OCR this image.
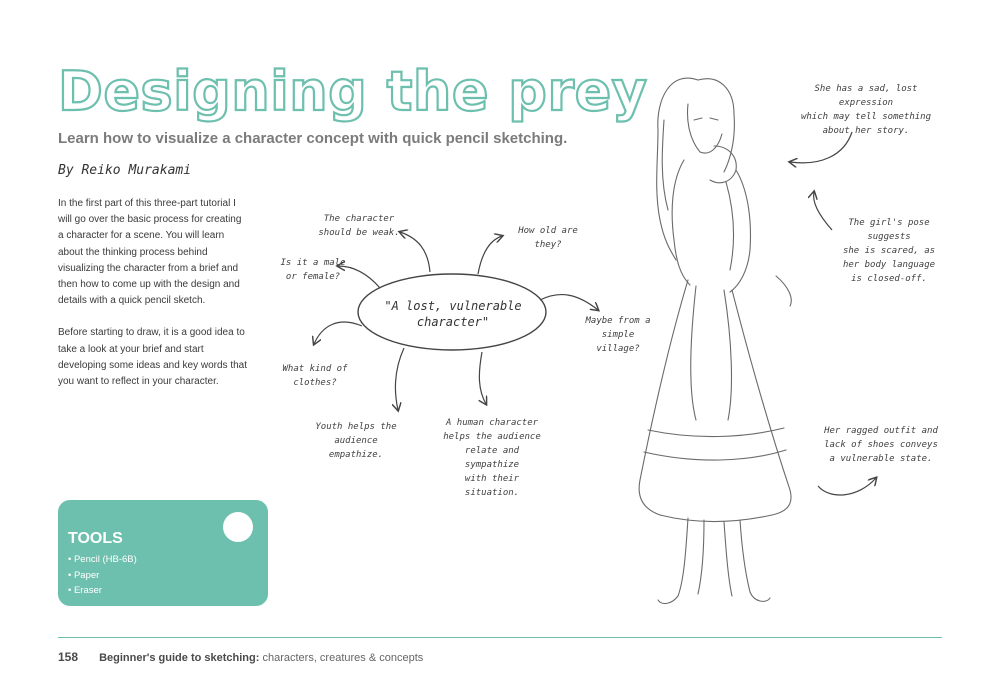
Designing the prey
Learn how to visualize a character concept with quick pencil sketching.
By Reiko Murakami

In the first part of this three-part tutorial I will go over the basic process for creating a character for a scene. You will learn about the thinking process behind visualizing the character from a brief and then how to come up with the design and details with a quick pencil sketch.

Before starting to draw, it is a good idea to take a look at your brief and start developing some ideas and key words that you want to reflect in your character.

"A lost, vulnerable
character"
The character
should be weak.	How old are they?
Is it a male
or female?
Maybe from a
simple village?
What kind of
clothes?
Youth helps the
audience empathize.
A human character
helps the audience
relate and sympathize
with their situation.
She has a sad, lost expression
which may tell something
about her story.
The girl's pose suggests
she is scared, as
her body language
is closed-off.
Her ragged outfit and
lack of shoes conveys
a vulnerable state.
TOOLS
• Pencil (HB-6B)
• Paper
• Eraser
158 Beginner's guide to sketching: characters, creatures & concepts
